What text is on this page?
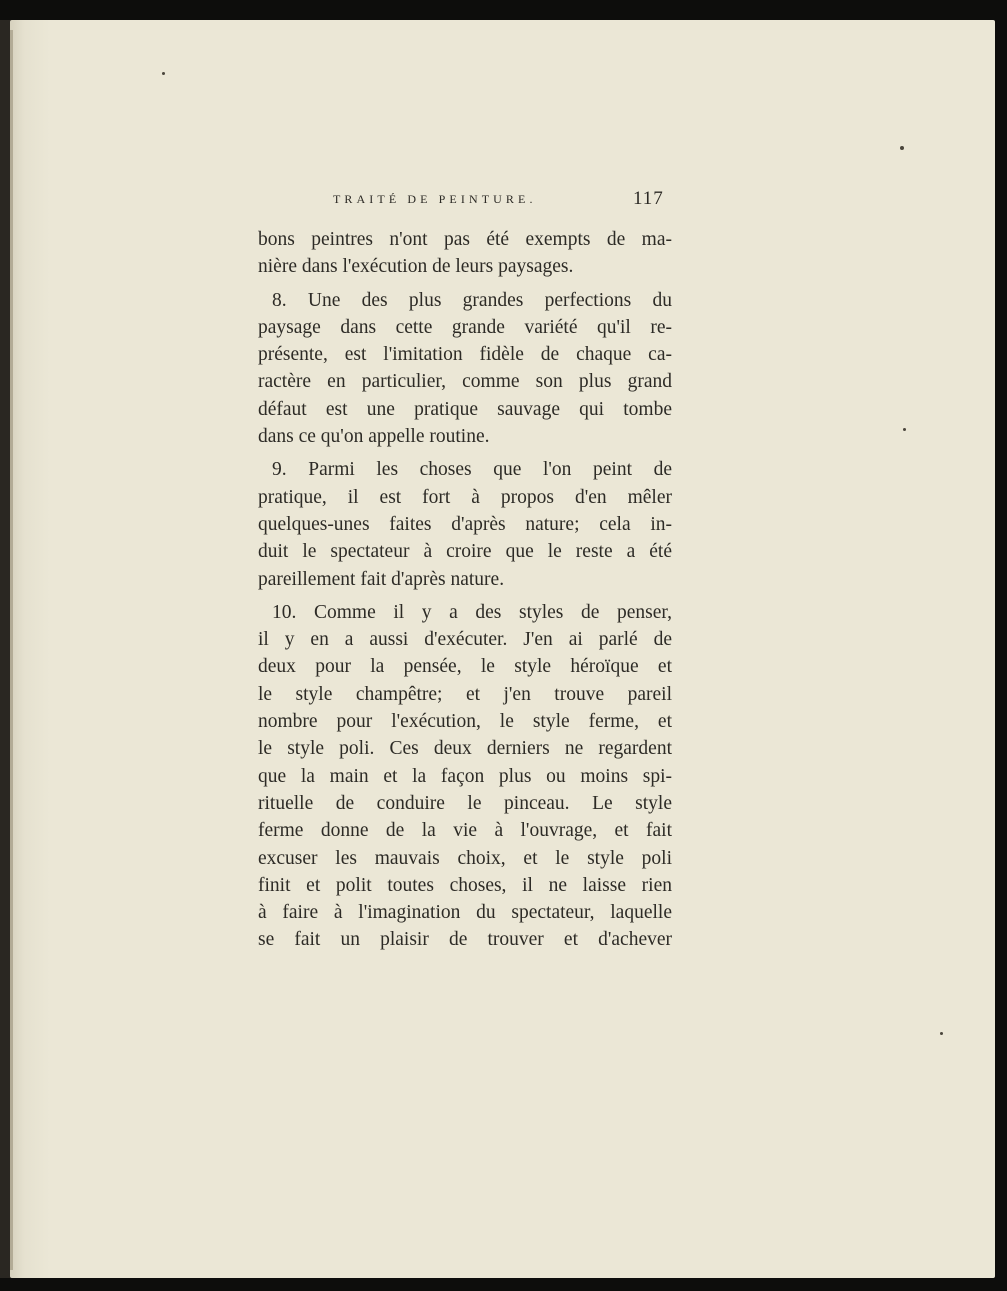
TRAITÉ DE PEINTURE.	117
bons peintres n'ont pas été exempts de ma-
nière dans l'exécution de leurs paysages.
8. Une des plus grandes perfections du
paysage dans cette grande variété qu'il re-
présente, est l'imitation fidèle de chaque ca-
ractère en particulier, comme son plus grand
défaut est une pratique sauvage qui tombe
dans ce qu'on appelle routine.
9. Parmi les choses que l'on peint de
pratique, il est fort à propos d'en mêler
quelques-unes faites d'après nature; cela in-
duit le spectateur à croire que le reste a été
pareillement fait d'après nature.
10. Comme il y a des styles de penser,
il y en a aussi d'exécuter. J'en ai parlé de
deux pour la pensée, le style héroïque et
le style champêtre; et j'en trouve pareil
nombre pour l'exécution, le style ferme, et
le style poli. Ces deux derniers ne regardent
que la main et la façon plus ou moins spi-
rituelle de conduire le pinceau. Le style
ferme donne de la vie à l'ouvrage, et fait
excuser les mauvais choix, et le style poli
finit et polit toutes choses, il ne laisse rien
à faire à l'imagination du spectateur, laquelle
se fait un plaisir de trouver et d'achever
